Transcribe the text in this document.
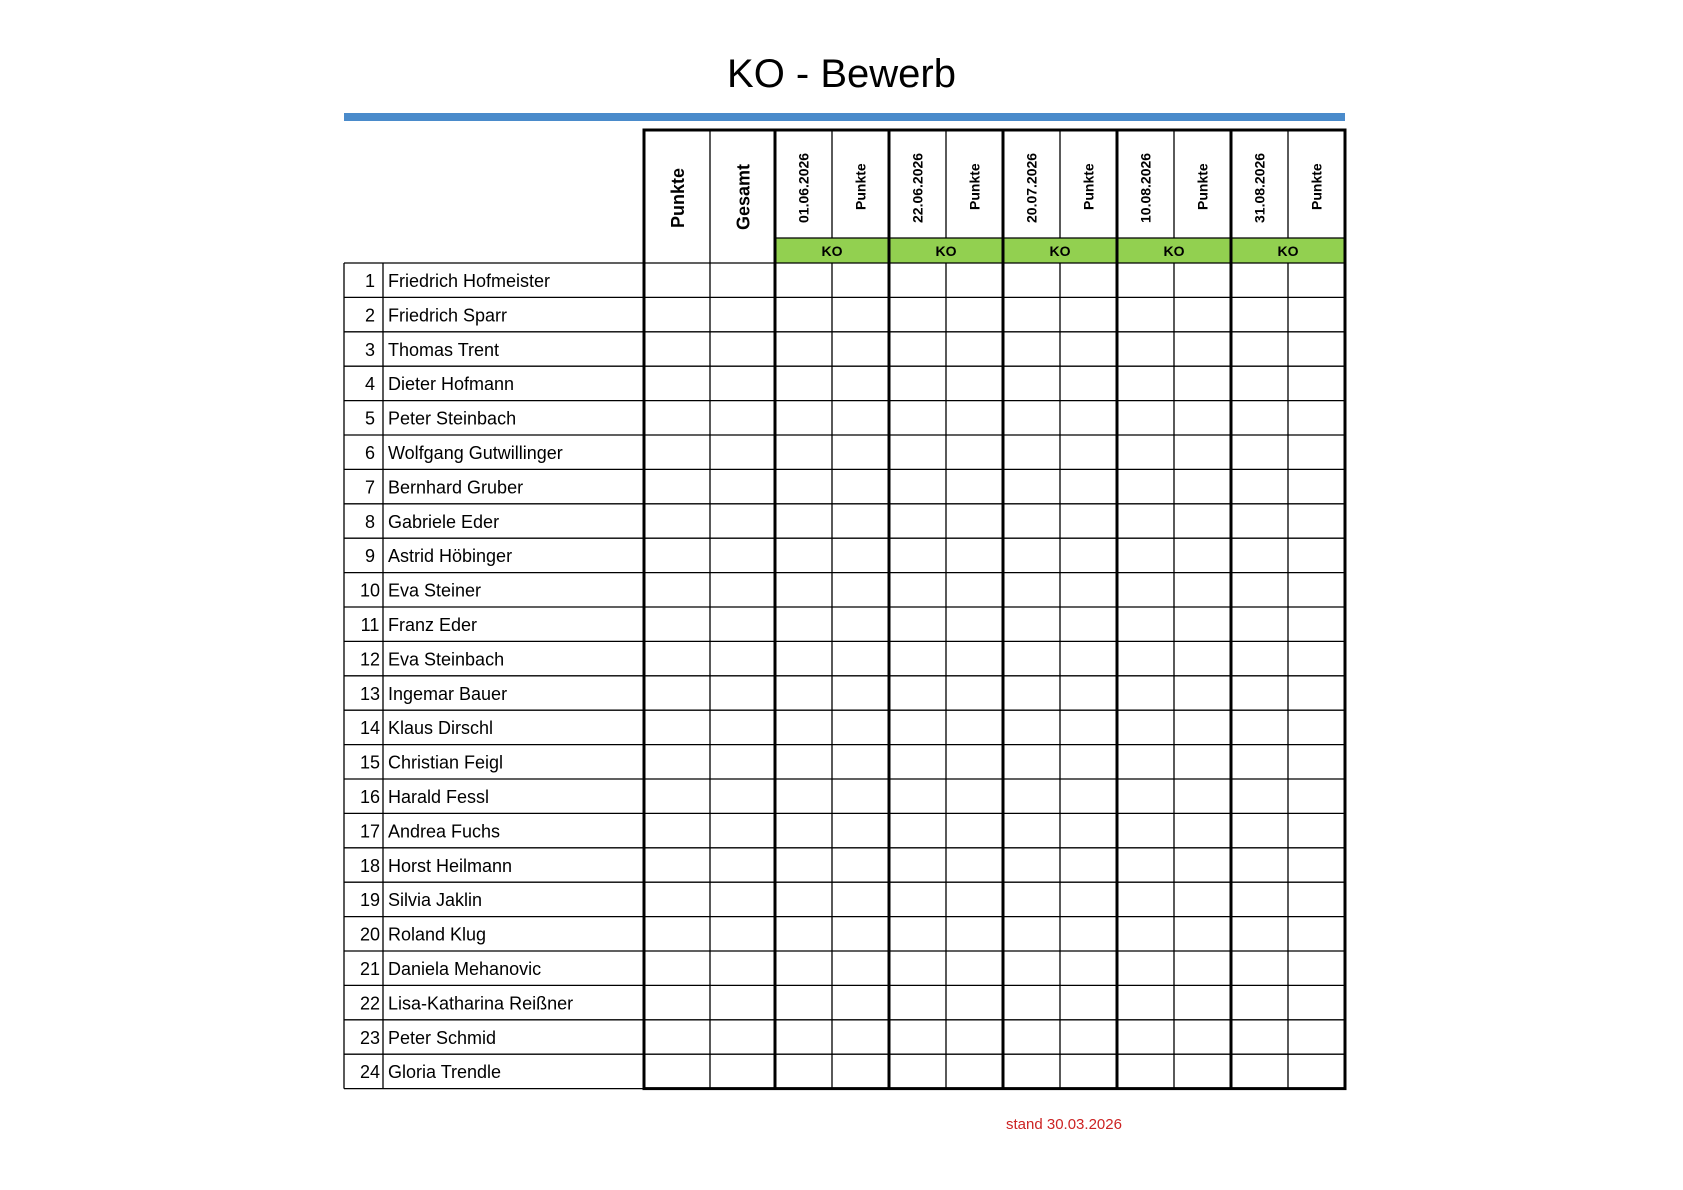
KO - Bewerb
KO	KO	KO	KO	KO
Punkte	Gesamt	01.06.2026	Punkte	22.06.2026	Punkte	20.07.2026	Punkte	10.08.2026	Punkte	31.08.2026	Punkte
1 Friedrich Hofmeister
2 Friedrich Sparr
3 Thomas Trent
4 Dieter Hofmann
5 Peter Steinbach
6 Wolfgang Gutwillinger
7 Bernhard Gruber
8 Gabriele Eder
9 Astrid Höbinger
10 Eva Steiner
11 Franz Eder
12 Eva Steinbach
13 Ingemar Bauer
14 Klaus Dirschl
15 Christian Feigl
16 Harald Fessl
17 Andrea Fuchs
18 Horst Heilmann
19 Silvia Jaklin
20 Roland Klug
21 Daniela Mehanovic
22 Lisa-Katharina Reißner
23 Peter Schmid
24 Gloria Trendle
stand 30.03.2026
